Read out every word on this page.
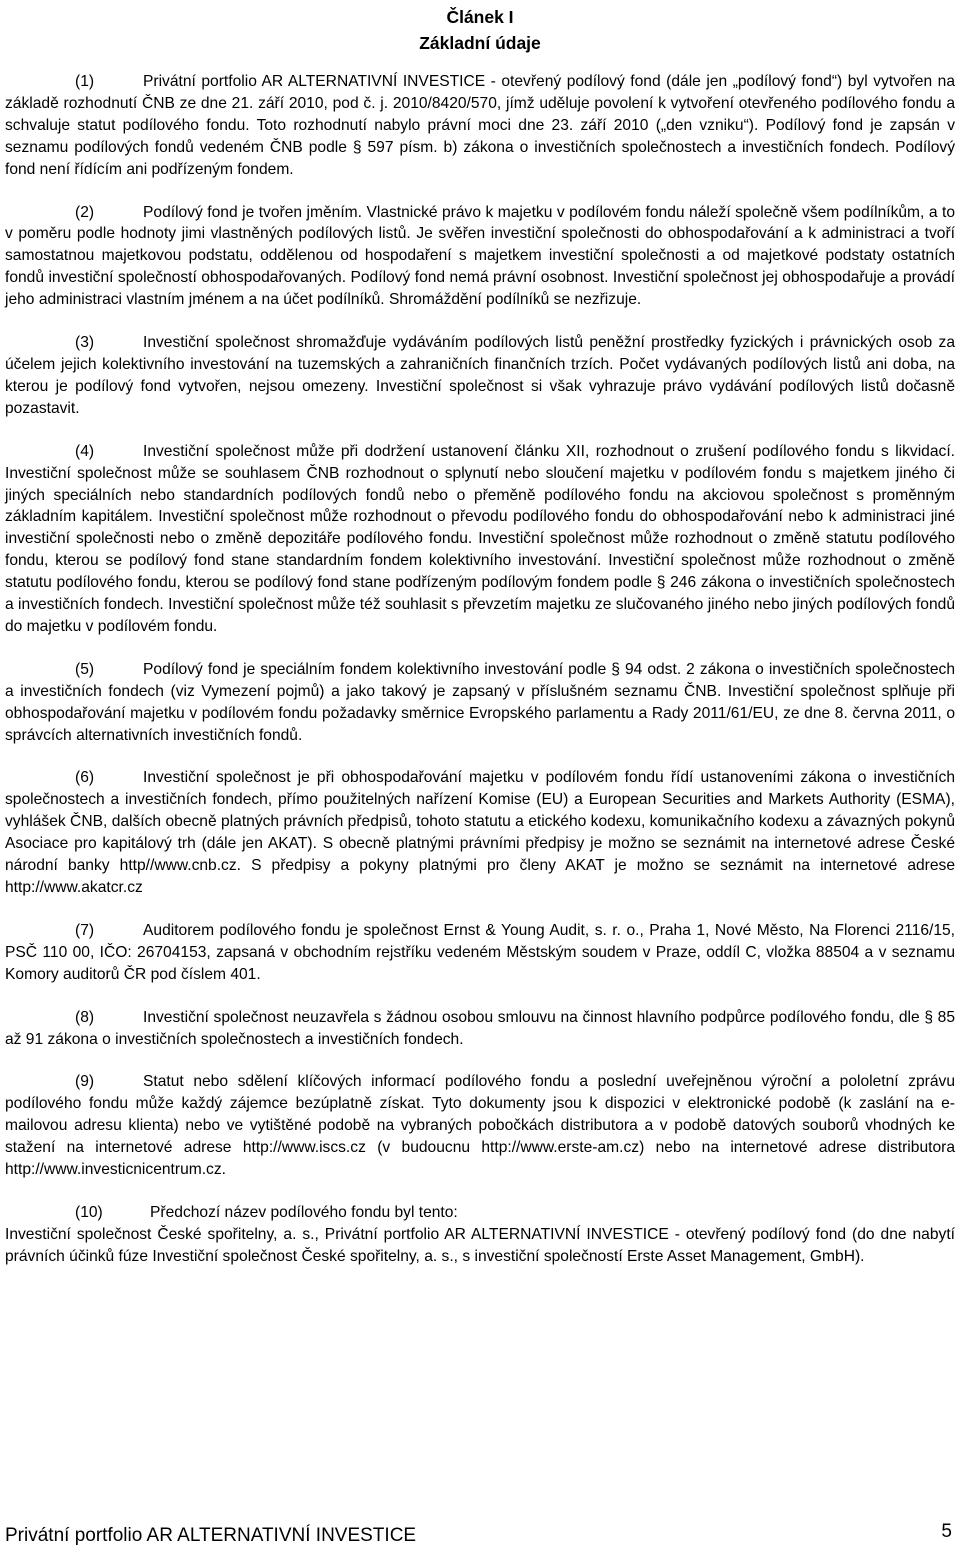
Článek I
Základní údaje

(1)	Privátní portfolio AR ALTERNATIVNÍ INVESTICE - otevřený podílový fond (dále jen „podílový fond“) byl vytvořen na základě rozhodnutí ČNB ze dne 21. září 2010, pod č. j. 2010/8420/570, jímž uděluje povolení k vytvoření otevřeného podílového fondu a schvaluje statut podílového fondu. Toto rozhodnutí nabylo právní moci dne 23. září 2010 („den vzniku“). Podílový fond je zapsán v seznamu podílových fondů vedeném ČNB podle § 597 písm. b) zákona o investičních společnostech a investičních fondech. Podílový fond není řídícím ani podřízeným fondem.

(2)	Podílový fond je tvořen jměním. Vlastnické právo k majetku v podílovém fondu náleží společně všem podílníkům, a to v poměru podle hodnoty jimi vlastněných podílových listů. Je svěřen investiční společnosti do obhospodařování a k administraci a tvoří samostatnou majetkovou podstatu, oddělenou od hospodaření s majetkem investiční společnosti a od majetkové podstaty ostatních fondů investiční společností obhospodařovaných. Podílový fond nemá právní osobnost. Investiční společnost jej obhospodařuje a provádí jeho administraci vlastním jménem a na účet podílníků. Shromáždění podílníků se nezřizuje.

(3)	Investiční společnost shromažďuje vydáváním podílových listů peněžní prostředky fyzických i právnických osob za účelem jejich kolektivního investování na tuzemských a zahraničních finančních trzích. Počet vydávaných podílových listů ani doba, na kterou je podílový fond vytvořen, nejsou omezeny. Investiční společnost si však vyhrazuje právo vydávání podílových listů dočasně pozastavit.

(4)	Investiční společnost může při dodržení ustanovení článku XII, rozhodnout o zrušení podílového fondu s likvidací. Investiční společnost může se souhlasem ČNB rozhodnout o splynutí nebo sloučení majetku v podílovém fondu s majetkem jiného či jiných speciálních nebo standardních podílových fondů nebo o přeměně podílového fondu na akciovou společnost s proměnným základním kapitálem. Investiční společnost může rozhodnout o převodu podílového fondu do obhospodařování nebo k administraci jiné investiční společnosti nebo o změně depozitáře podílového fondu. Investiční společnost může rozhodnout o změně statutu podílového fondu, kterou se podílový fond stane standardním fondem kolektivního investování. Investiční společnost může rozhodnout o změně statutu podílového fondu, kterou se podílový fond stane podřízeným podílovým fondem podle § 246 zákona o investičních společnostech a investičních fondech. Investiční společnost může též souhlasit s převzetím majetku ze slučovaného jiného nebo jiných podílových fondů do majetku v podílovém fondu.

(5)	Podílový fond je speciálním fondem kolektivního investování podle § 94 odst. 2 zákona o investičních společnostech a investičních fondech (viz Vymezení pojmů) a jako takový je zapsaný v příslušném seznamu ČNB. Investiční společnost splňuje při obhospodařování majetku v podílovém fondu požadavky směrnice Evropského parlamentu a Rady 2011/61/EU, ze dne 8. června 2011, o správcích alternativních investičních fondů.

(6)	Investiční společnost je při obhospodařování majetku v podílovém fondu řídí ustanoveními zákona o investičních společnostech a investičních fondech, přímo použitelných nařízení Komise (EU) a European Securities and Markets Authority (ESMA), vyhlášek ČNB, dalších obecně platných právních předpisů, tohoto statutu a etického kodexu, komunikačního kodexu a závazných pokynů Asociace pro kapitálový trh (dále jen AKAT). S obecně platnými právními předpisy je možno se seznámit na internetové adrese České národní banky http//www.cnb.cz. S předpisy a pokyny platnými pro členy AKAT je možno se seznámit na internetové adrese http://www.akatcr.cz

(7)	Auditorem podílového fondu je společnost Ernst & Young Audit, s. r. o., Praha 1, Nové Město, Na Florenci 2116/15, PSČ 110 00, IČO: 26704153, zapsaná v obchodním rejstříku vedeném Městským soudem v Praze, oddíl C, vložka 88504 a v seznamu Komory auditorů ČR pod číslem 401.

(8)	Investiční společnost neuzavřela s žádnou osobou smlouvu na činnost hlavního podpůrce podílového fondu, dle § 85 až 91 zákona o investičních společnostech a investičních fondech.

(9)	Statut nebo sdělení klíčových informací podílového fondu a poslední uveřejněnou výroční a pololetní zprávu podílového fondu může každý zájemce bezúplatně získat. Tyto dokumenty jsou k dispozici v elektronické podobě (k zaslání na e-mailovou adresu klienta) nebo ve vytištěné podobě na vybraných pobočkách distributora a v podobě datových souborů vhodných ke stažení na internetové adrese http://www.iscs.cz (v budoucnu http://www.erste-am.cz) nebo na internetové adrese distributora http://www.investicnicentrum.cz.

(10)	Předchozí název podílového fondu byl tento:

Investiční společnost České spořitelny, a. s., Privátní portfolio AR ALTERNATIVNÍ INVESTICE - otevřený podílový fond (do dne nabytí právních účinků fúze Investiční společnost České spořitelny, a. s., s investiční společností Erste Asset Management, GmbH).

Privátní portfolio AR ALTERNATIVNÍ INVESTICE	5
